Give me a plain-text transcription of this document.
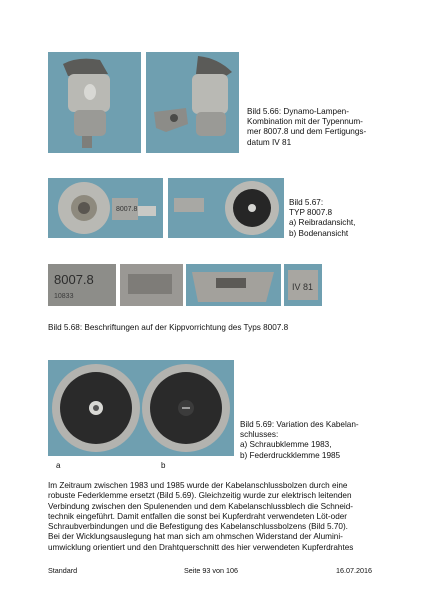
Bild 5.66: Dynamo-Lampen-
Kombination mit der Typennum-
mer 8007.8 und dem Fertigungs-
datum IV 81
8007.8
Bild 5.67:
TYP 8007.8
a) Reibradansicht,
b) Bodenansicht
8007.8
10833
IV 81
Bild 5.68: Beschriftungen auf der Kippvorrichtung des Typs 8007.8
a	b
Bild 5.69: Variation des Kabelan-
schlusses:
a) Schraubklemme 1983,
b) Federdruckklemme 1985
Im Zeitraum zwischen 1983 und 1985 wurde der Kabelanschlussbolzen durch eine
robuste Federklemme ersetzt (Bild 5.69). Gleichzeitig wurde zur elektrisch leitenden
Verbindung zwischen den Spulenenden und dem Kabelanschlussblech die Schneid-
technik eingeführt. Damit entfallen die sonst bei Kupferdraht verwendeten Löt-oder
Schraubverbindungen und die Befestigung des Kabelanschlussbolzens (Bild 5.70).
Bei der Wicklungsauslegung hat man sich am ohmschen Widerstand der Alumini-
umwicklung orientiert und den Drahtquerschnitt des hier verwendeten Kupferdrahtes
Standard	Seite 93 von 106	16.07.2016
